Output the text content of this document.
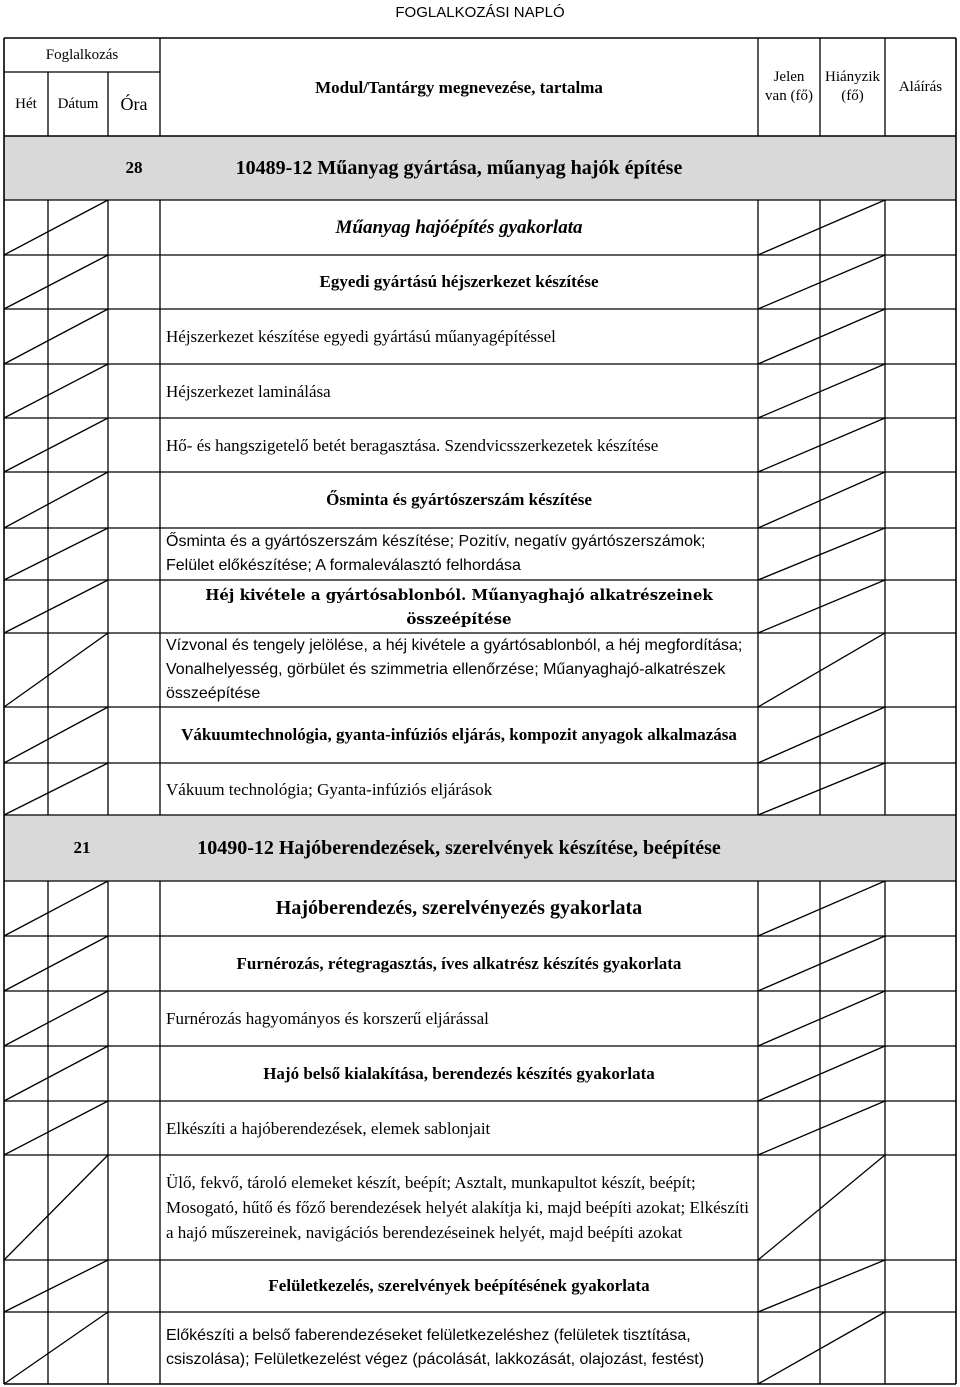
FOGLALKOZÁSI NAPLÓ
Foglalkozás
Hét Dátum Óra
Modul/Tantárgy megnevezése, tartalma
Jelen van (fő)
Hiányzik (fő)
Aláírás
10489-12 Műanyag gyártása, műanyag hajók építése
28
Műanyag hajóépítés gyakorlata
Egyedi gyártású héjszerkezet készítése
Héjszerkezet készítése egyedi gyártású műanyagépítéssel
Héjszerkezet laminálása
Hő- és hangszigetelő betét beragasztása. Szendvicsszerkezetek készítése
Ősminta és gyártószerszám készítése
Ősminta és a gyártószerszám készítése; Pozitív, negatív gyártószerszámok; Felület előkészítése; A formaleválasztó felhordása
Héj kivétele a gyártósablonból. Műanyaghajó alkatrészeinek összeépítése
Vízvonal és tengely jelölése, a héj kivétele a gyártósablonból, a héj megfordítása; Vonalhelyesség, görbület és szimmetria ellenőrzése; Műanyaghajó-alkatrészek összeépítése
Vákuumtechnológia, gyanta-infúziós eljárás, kompozit anyagok alkalmazása
Vákuum technológia; Gyanta-infúziós eljárások
10490-12 Hajóberendezések, szerelvények készítése, beépítése
21
Hajóberendezés, szerelvényezés gyakorlata
Furnérozás, rétegragasztás, íves alkatrész készítés gyakorlata
Furnérozás hagyományos és korszerű eljárással
Hajó belső kialakítása, berendezés készítés gyakorlata
Elkészíti a hajóberendezések, elemek sablonjait
Ülő, fekvő, tároló elemeket készít, beépít; Asztalt, munkapultot készít, beépít; Mosogató, hűtő és főző berendezések helyét alakítja ki, majd beépíti azokat; Elkészíti a hajó műszereinek, navigációs berendezéseinek helyét, majd beépíti azokat
Felületkezelés, szerelvények beépítésének gyakorlata
Előkészíti a belső faberendezéseket felületkezeléshez (felületek tisztítása, csiszolása); Felületkezelést végez (pácolását, lakkozását, olajozást, festést)
